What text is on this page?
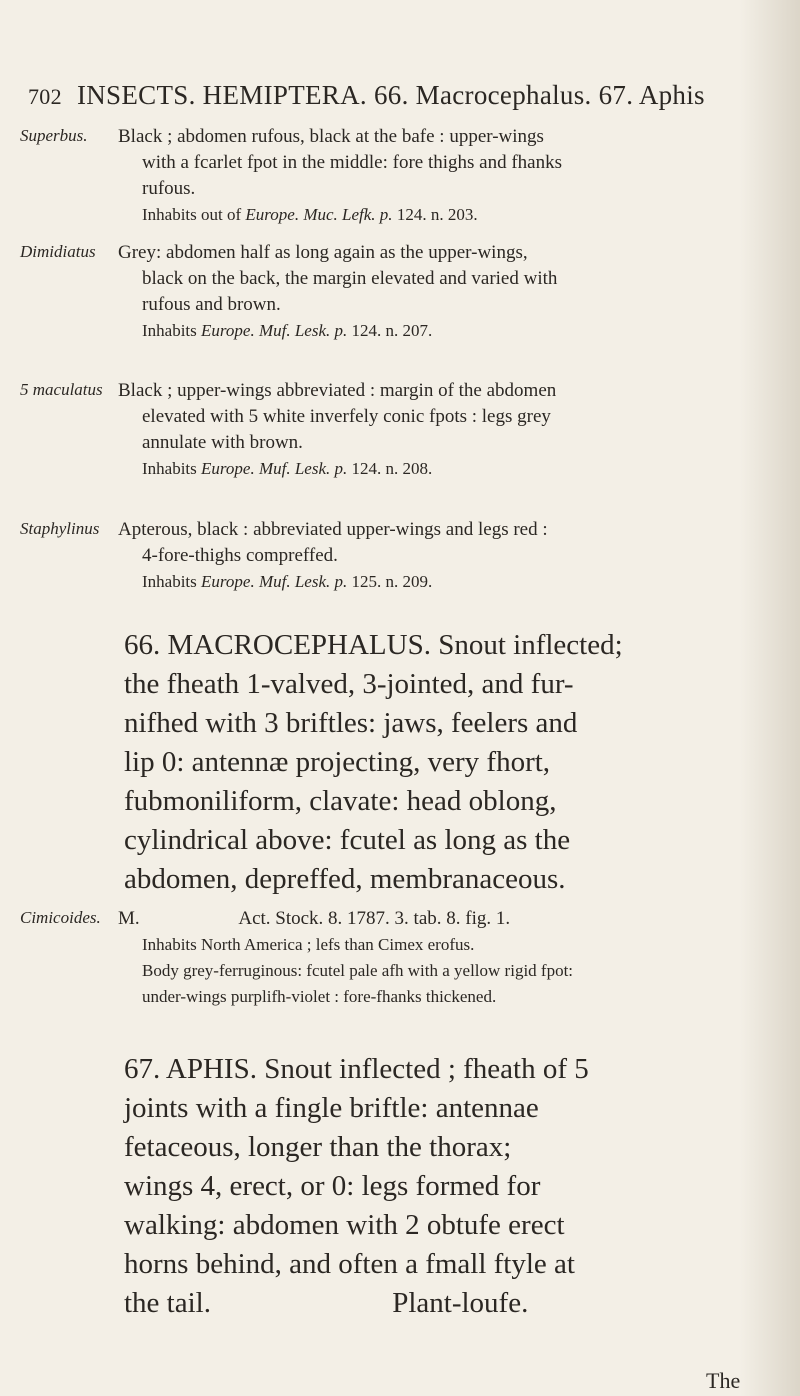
702 INSECTS. HEMIPTERA. 66. Macrocephalus. 67. Aphis
Superbus. Black ; abdomen rufous, black at the bafe : upper-wings
with a fcarlet fpot in the middle: fore thighs and fhanks
rufous.
Inhabits out of Europe. Muc. Lefk. p. 124. n. 203.
Dimidiatus Grey: abdomen half as long again as the upper-wings,
black on the back, the margin elevated and varied with
rufous and brown.
Inhabits Europe. Muf. Lesk. p. 124. n. 207.
5 maculatus Black ; upper-wings abbreviated : margin of the abdomen
elevated with 5 white inverfely conic fpots : legs grey
annulate with brown.
Inhabits Europe. Muf. Lesk. p. 124. n. 208.
Staphylinus Apterous, black : abbreviated upper-wings and legs red :
4-fore-thighs compreffed.
Inhabits Europe. Muf. Lesk. p. 125. n. 209.
66. MACROCEPHALUS. Snout inflected;
the fheath 1-valved, 3-jointed, and fur-
nifhed with 3 briftles: jaws, feelers and
lip 0: antennæ projecting, very fhort,
fubmoniliform, clavate: head oblong,
cylindrical above: fcutel as long as the
abdomen, depreffed, membranaceous.
Cimicoides. M.                     Act. Stock. 8. 1787. 3. tab. 8. fig. 1.
Inhabits North America ; lefs than Cimex erofus.
Body grey-ferruginous: fcutel pale afh with a yellow rigid fpot:
under-wings purplifh-violet : fore-fhanks thickened.
67. APHIS. Snout inflected ; fheath of 5
joints with a fingle briftle: antennae
fetaceous, longer than the thorax;
wings 4, erect, or 0: legs formed for
walking: abdomen with 2 obtufe erect
horns behind, and often a fmall ftyle at
the tail.                         Plant-loufe.
The
